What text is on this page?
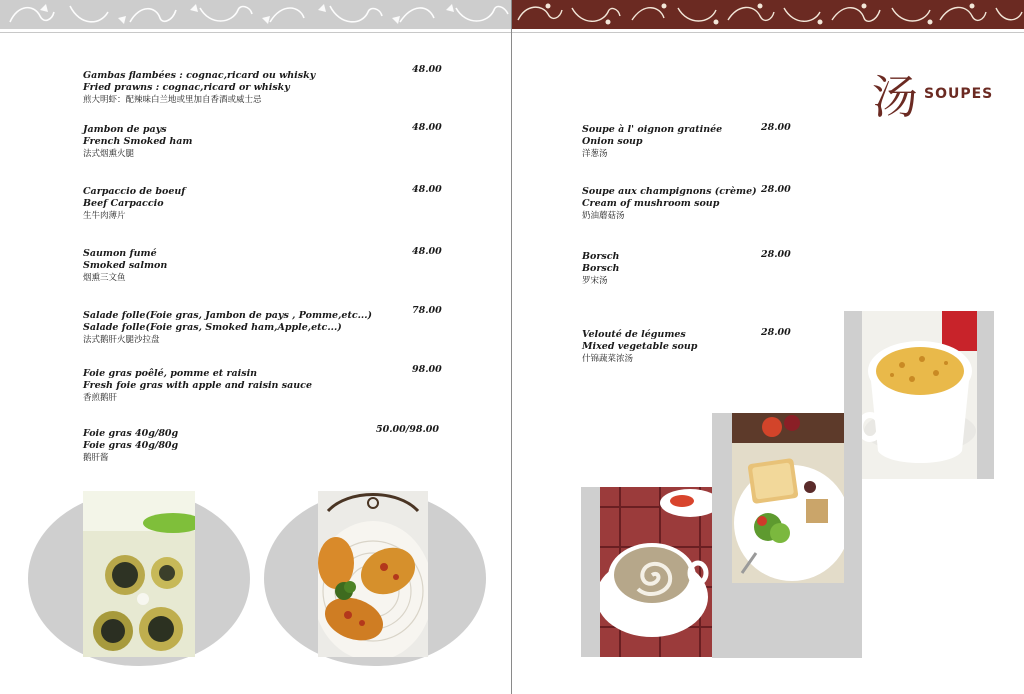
Gambas flambées : cognac,ricard ou whisky
Fried prawns : cognac,ricard or whisky
煎大明虾：配辣味白兰地或里加自香酒或威士忌
48.00
Jambon de pays
French Smoked ham
法式烟熏火腿
48.00
Carpaccio de boeuf
Beef Carpaccio
生牛肉薄片
48.00
Saumon fumé
Smoked salmon
烟熏三文鱼
48.00
Salade folle(Foie gras, Jambon de pays , Pomme,etc...)
Salade folle(Foie gras, Smoked ham,Apple,etc...)
法式鹅肝火腿沙拉盘
78.00
Foie gras poêlé, pomme et raisin
Fresh foie gras with apple and raisin sauce
香煎鹅肝
98.00
Foie gras 40g/80g
Foie gras 40g/80g
鹅肝酱
50.00/98.00
汤 SOUPES
Soupe à l' oignon gratinée
Onion soup
洋葱汤
28.00
Soupe aux champignons (crème)
Cream of mushroom soup
奶油蘑菇汤
28.00
Borsch
Borsch
罗宋汤
28.00
Velouté de légumes
Mixed vegetable soup
什锦蔬菜浓汤
28.00
